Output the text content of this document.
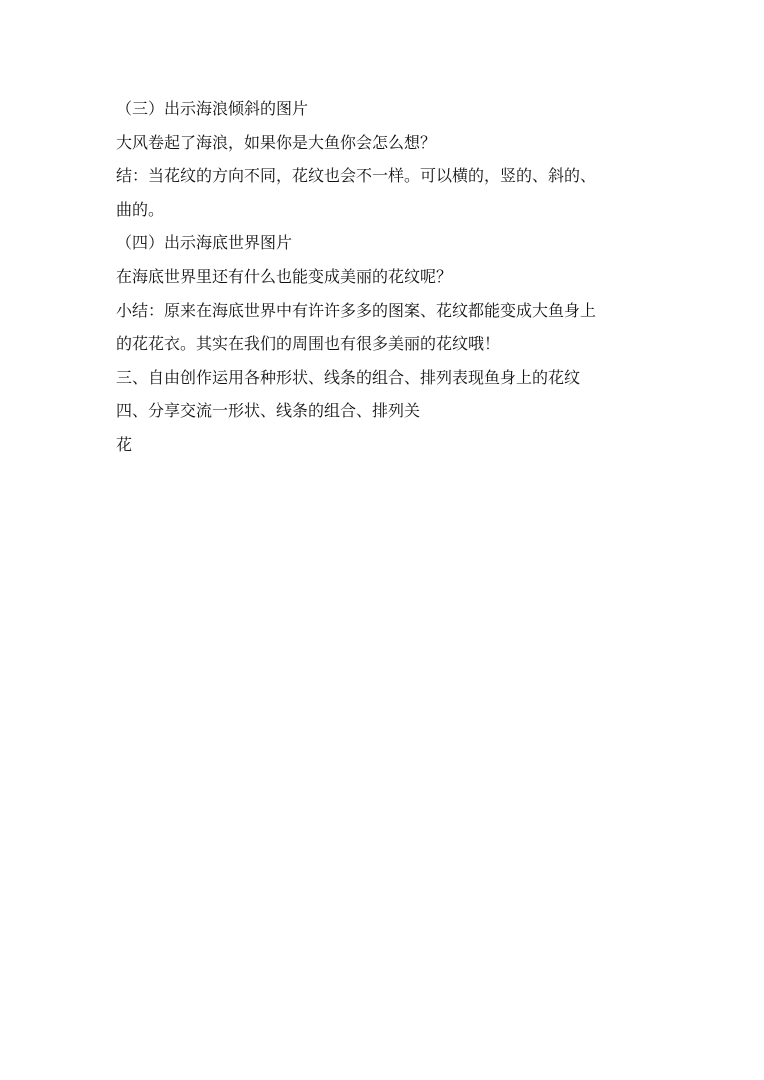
（三）出示海浪倾斜的图片
大风卷起了海浪，如果你是大鱼你会怎么想？
结：当花纹的方向不同，花纹也会不一样。可以横的，竖的、斜的、
曲的。
（四）出示海底世界图片
在海底世界里还有什么也能变成美丽的花纹呢？
小结：原来在海底世界中有许许多多的图案、花纹都能变成大鱼身上
的花花衣。其实在我们的周围也有很多美丽的花纹哦！
三、自由创作运用各种形状、线条的组合、排列表现鱼身上的花纹
四、分享交流一形状、线条的组合、排列关
花
